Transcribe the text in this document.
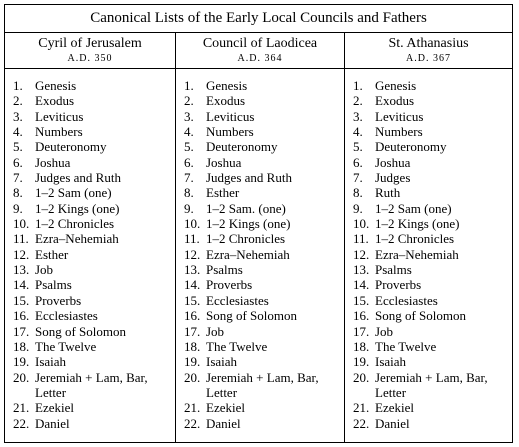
Canonical Lists of the Early Local Councils and Fathers
Cyril of Jerusalem
A.D. 350
1. Genesis
2. Exodus
3. Leviticus
4. Numbers
5. Deuteronomy
6. Joshua
7. Judges and Ruth
8. 1–2 Sam (one)
9. 1–2 Kings (one)
10. 1–2 Chronicles
11. Ezra–Nehemiah
12. Esther
13. Job
14. Psalms
15. Proverbs
16. Ecclesiastes
17. Song of Solomon
18. The Twelve
19. Isaiah
20. Jeremiah + Lam, Bar,
Letter
21. Ezekiel
22. Daniel
Council of Laodicea
A.D. 364
1. Genesis
2. Exodus
3. Leviticus
4. Numbers
5. Deuteronomy
6. Joshua
7. Judges and Ruth
8. Esther
9. 1–2 Sam. (one)
10. 1–2 Kings (one)
11. 1–2 Chronicles
12. Ezra–Nehemiah
13. Psalms
14. Proverbs
15. Ecclesiastes
16. Song of Solomon
17. Job
18. The Twelve
19. Isaiah
20. Jeremiah + Lam, Bar,
Letter
21. Ezekiel
22. Daniel
St. Athanasius
A.D. 367
1. Genesis
2. Exodus
3. Leviticus
4. Numbers
5. Deuteronomy
6. Joshua
7. Judges
8. Ruth
9. 1–2 Sam (one)
10. 1–2 Kings (one)
11. 1–2 Chronicles
12. Ezra–Nehemiah
13. Psalms
14. Proverbs
15. Ecclesiastes
16. Song of Solomon
17. Job
18. The Twelve
19. Isaiah
20. Jeremiah + Lam, Bar,
Letter
21. Ezekiel
22. Daniel
